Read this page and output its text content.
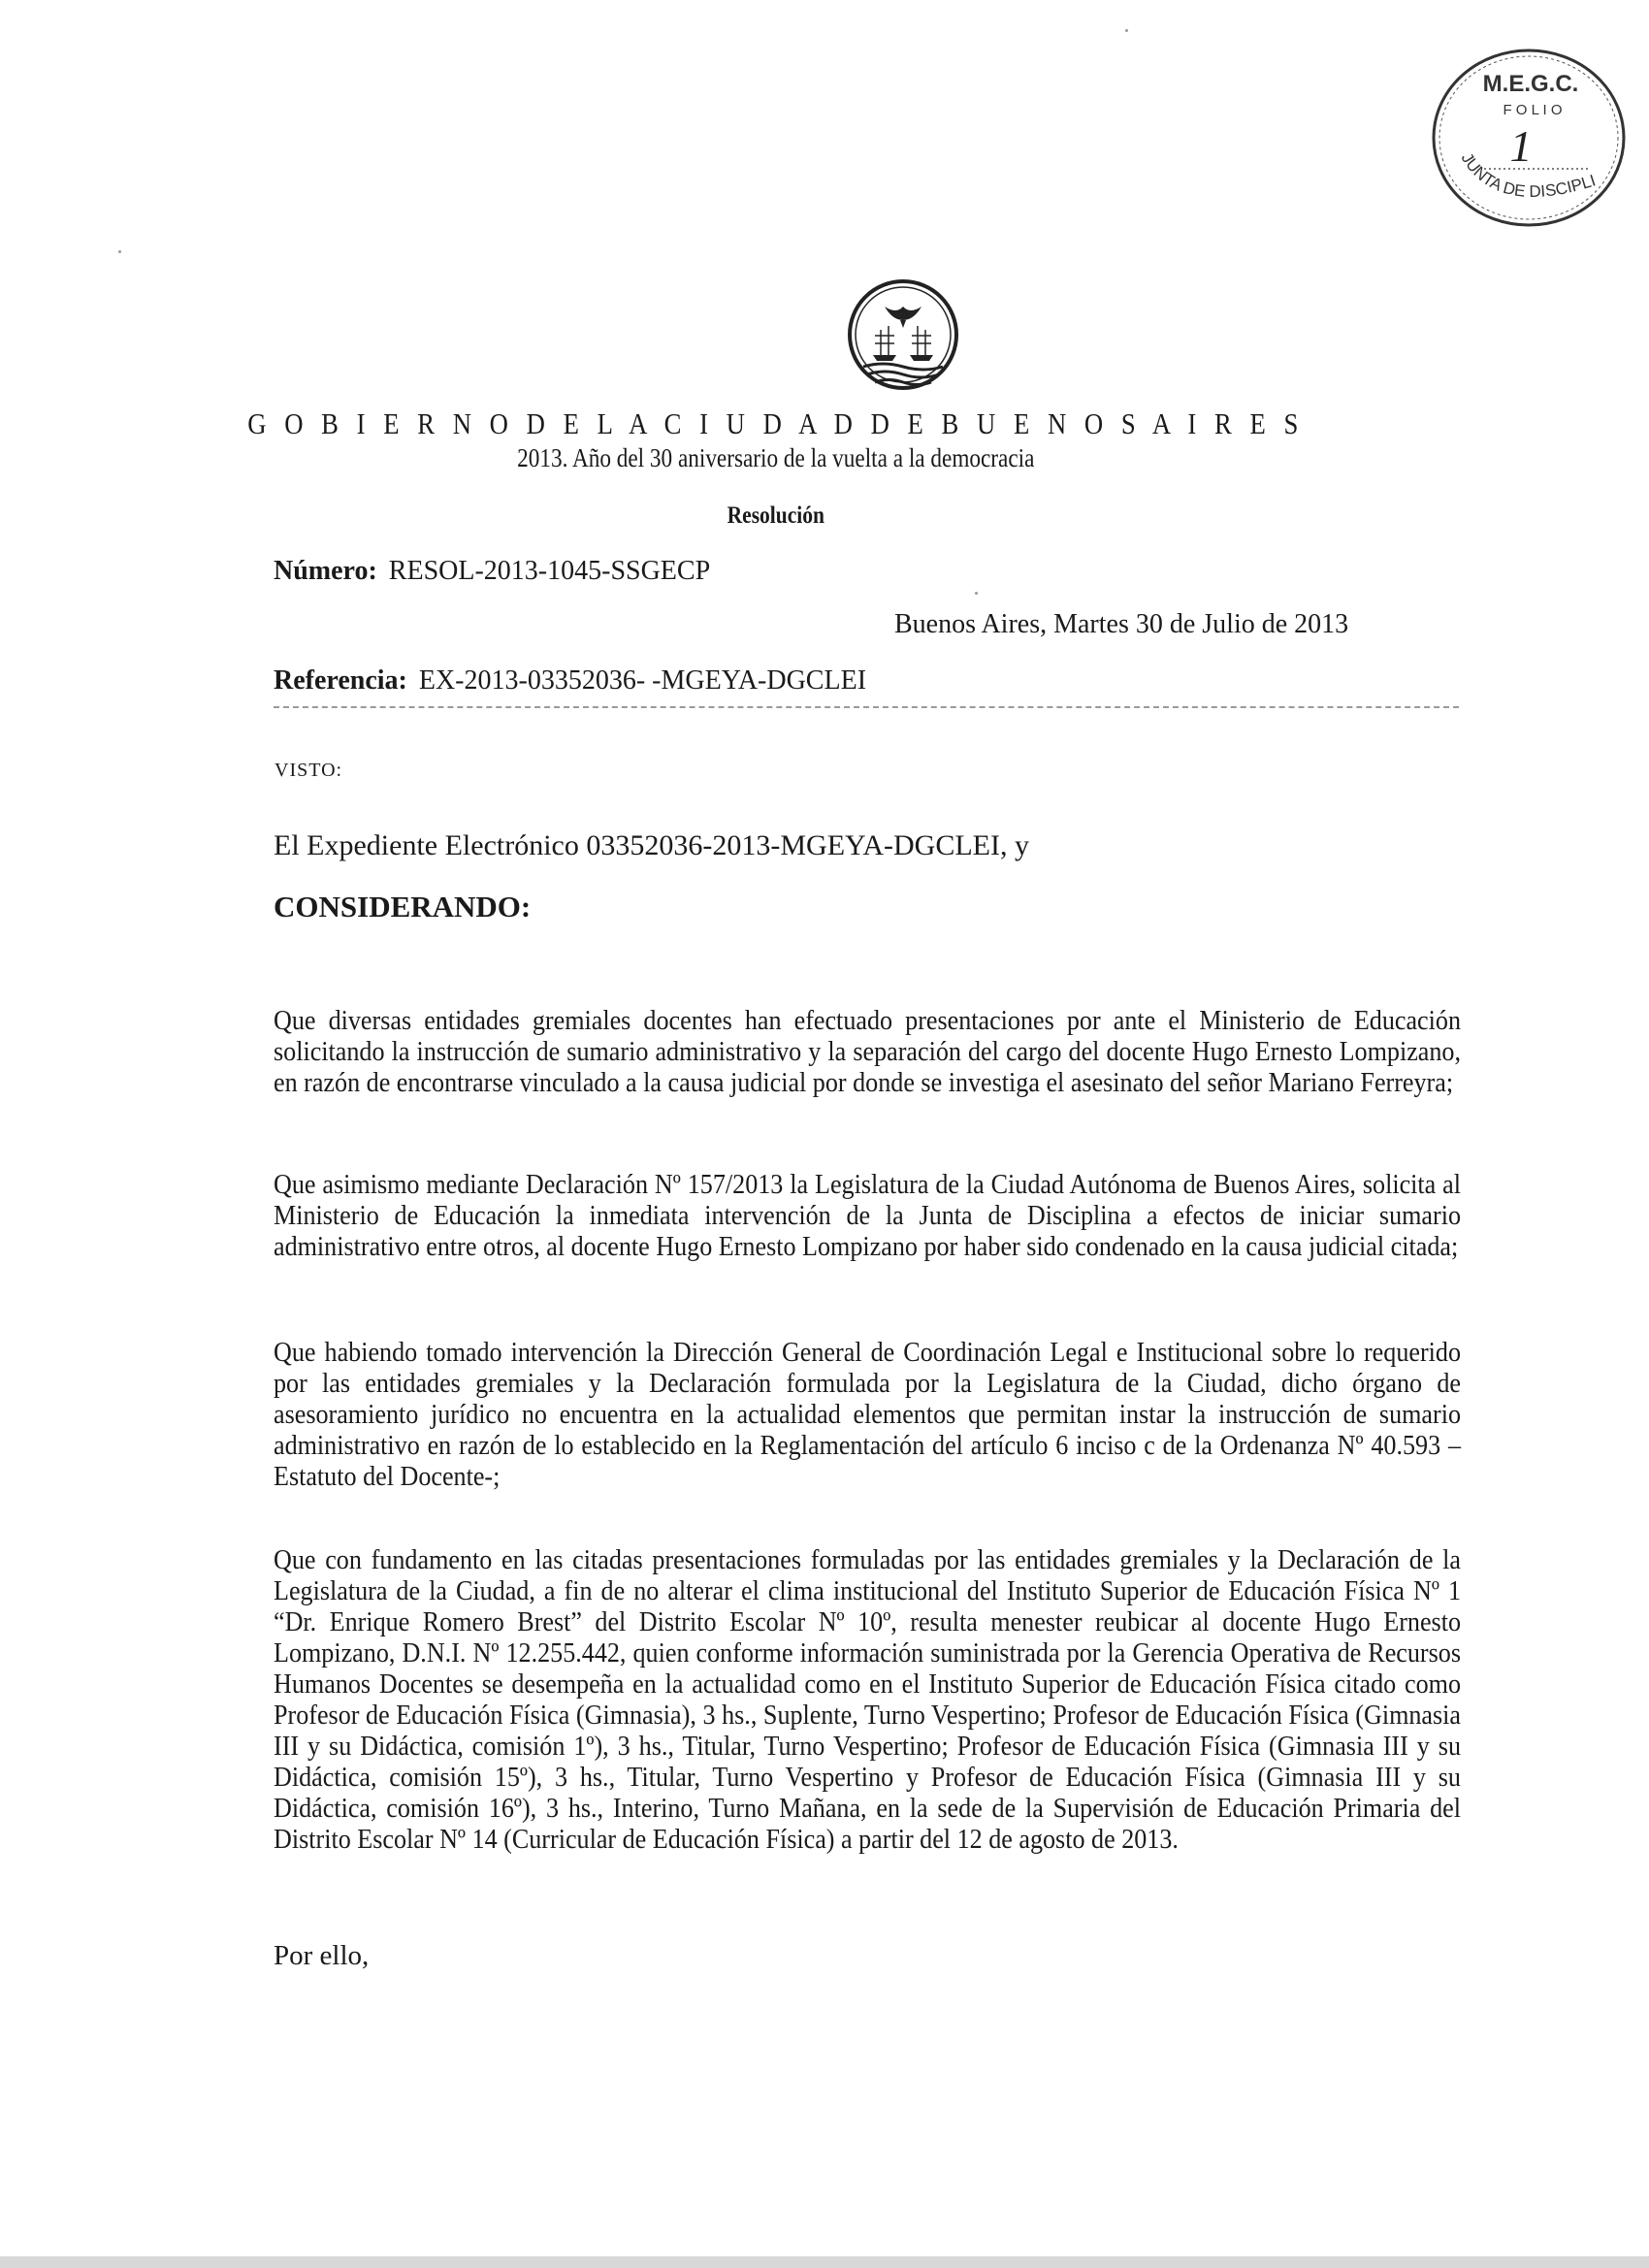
M.E.G.C.
F O L I O
1
JUNTA DE DISCIPLI
G O B I E R N O D E L A C I U D A D D E B U E N O S A I R E S
2013. Año del 30 aniversario de la vuelta a la democracia
Resolución
Número: RESOL-2013-1045-SSGECP
Buenos Aires, Martes 30 de Julio de 2013
Referencia: EX-2013-03352036- -MGEYA-DGCLEI
VISTO:
El Expediente Electrónico 03352036-2013-MGEYA-DGCLEI, y
CONSIDERANDO:
Que diversas entidades gremiales docentes han efectuado presentaciones por ante el Ministerio de Educación solicitando la instrucción de sumario administrativo y la separación del cargo del docente Hugo Ernesto Lompizano, en razón de encontrarse vinculado a la causa judicial por donde se investiga el asesinato del señor Mariano Ferreyra;
Que asimismo mediante Declaración Nº 157/2013 la Legislatura de la Ciudad Autónoma de Buenos Aires, solicita al Ministerio de Educación la inmediata intervención de la Junta de Disciplina a efectos de iniciar sumario administrativo entre otros, al docente Hugo Ernesto Lompizano por haber sido condenado en la causa judicial citada;
Que habiendo tomado intervención la Dirección General de Coordinación Legal e Institucional sobre lo requerido por las entidades gremiales y la Declaración formulada por la Legislatura de la Ciudad, dicho órgano de asesoramiento jurídico no encuentra en la actualidad elementos que permitan instar la instrucción de sumario administrativo en razón de lo establecido en la Reglamentación del artículo 6 inciso c de la Ordenanza Nº 40.593 –Estatuto del Docente-;
Que con fundamento en las citadas presentaciones formuladas por las entidades gremiales y la Declaración de la Legislatura de la Ciudad, a fin de no alterar el clima institucional del Instituto Superior de Educación Física Nº 1 “Dr. Enrique Romero Brest” del Distrito Escolar Nº 10º, resulta menester reubicar al docente Hugo Ernesto Lompizano, D.N.I. Nº 12.255.442, quien conforme información suministrada por la Gerencia Operativa de Recursos Humanos Docentes se desempeña en la actualidad como en el Instituto Superior de Educación Física citado como Profesor de Educación Física (Gimnasia), 3 hs., Suplente, Turno Vespertino; Profesor de Educación Física (Gimnasia III y su Didáctica, comisión 1º), 3 hs., Titular, Turno Vespertino; Profesor de Educación Física (Gimnasia III y su Didáctica, comisión 15º), 3 hs., Titular, Turno Vespertino y Profesor de Educación Física (Gimnasia III y su Didáctica, comisión 16º), 3 hs., Interino, Turno Mañana, en la sede de la Supervisión de Educación Primaria del Distrito Escolar Nº 14 (Curricular de Educación Física) a partir del 12 de agosto de 2013.
Por ello,
